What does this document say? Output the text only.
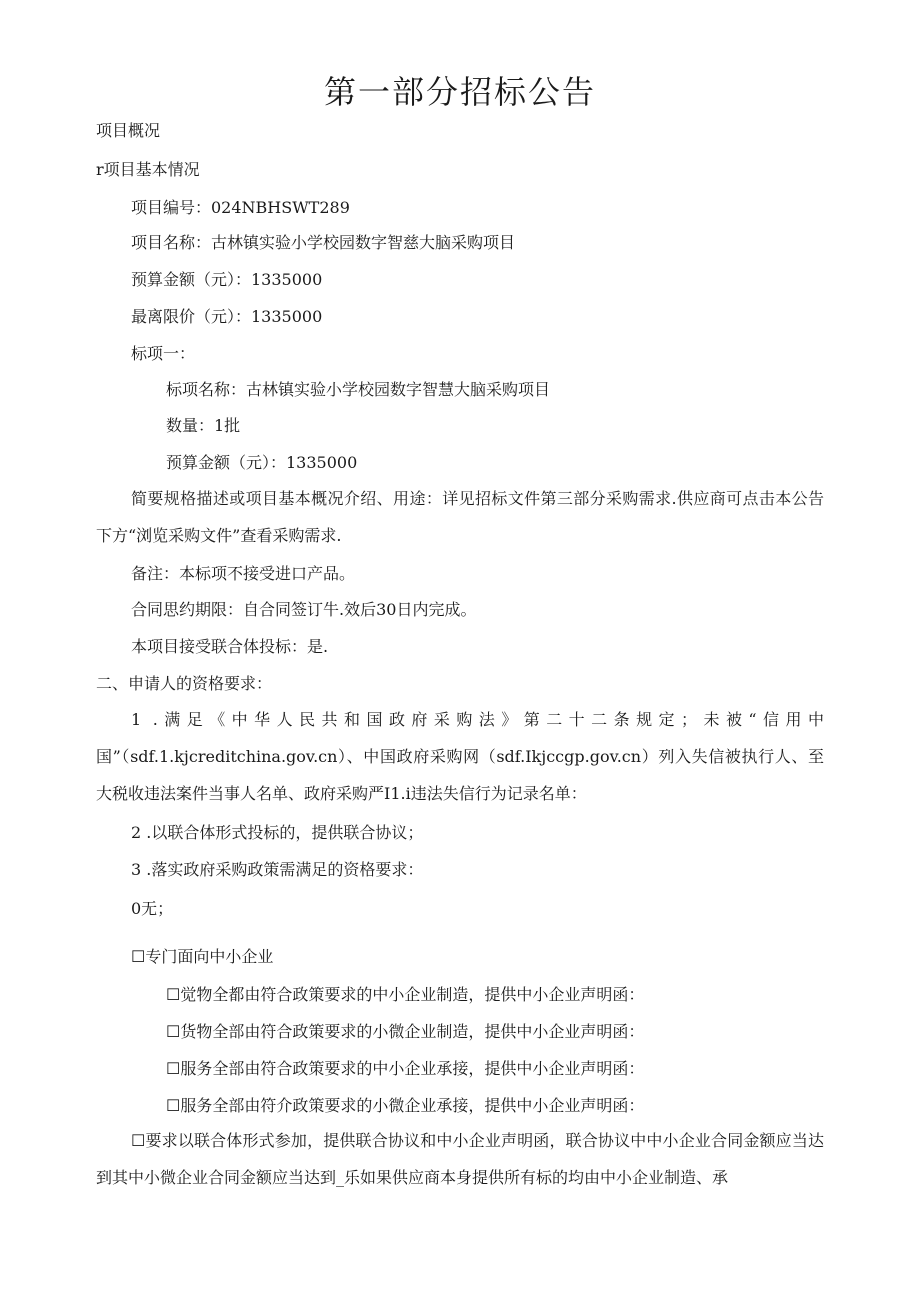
第一部分招标公告
项目概况
r项目基本情况
项目编号：024NBHSWT289
项目名称：古林镇实验小学校园数字智慈大脑采购项目
预算金额（元）：1335000
最离限价（元）：1335000
标项一：
标项名称：古林镇实验小学校园数字智慧大脑采购项目
数量：1批
预算金额（元）：1335000
简要规格描述或项目基本概况介绍、用途：详见招标文件第三部分采购需求.供应商可点击本公告下方“浏览采购文件”查看采购需求.
备注：本标项不接受进口产品。
合同思约期限：自合同签订牛.效后30日内完成。
本项目接受联合体投标：是.
二、申请人的资格要求：
1 .满足《中华人民共和国政府采购法》第二十二条规定；未被“信用中国”（sdf.1.kjcreditchina.gov.cn）、中国政府采购网（sdf.Ikjccgp.gov.cn）列入失信被执行人、至大税收违法案件当事人名单、政府采购严I1.i违法失信行为记录名单：
2 .以联合体形式投标的，提供联合协议；
3 .落实政府采购政策需满足的资格要求：
0无；
☐专门面向中小企业
☐觉物全都由符合政策要求的中小企业制造，提供中小企业声明函：
☐货物全部由符合政策要求的小微企业制造，提供中小企业声明函：
☐服务全部由符合政策要求的中小企业承接，提供中小企业声明函：
☐服务全部由符介政策要求的小微企业承接，提供中小企业声明函：
☐要求以联合体形式参加，提供联合协议和中小企业声明函，联合协议中中小企业合同金额应当达到其中小微企业合同金额应当达到_乐如果供应商本身提供所有标的均由中小企业制造、承
